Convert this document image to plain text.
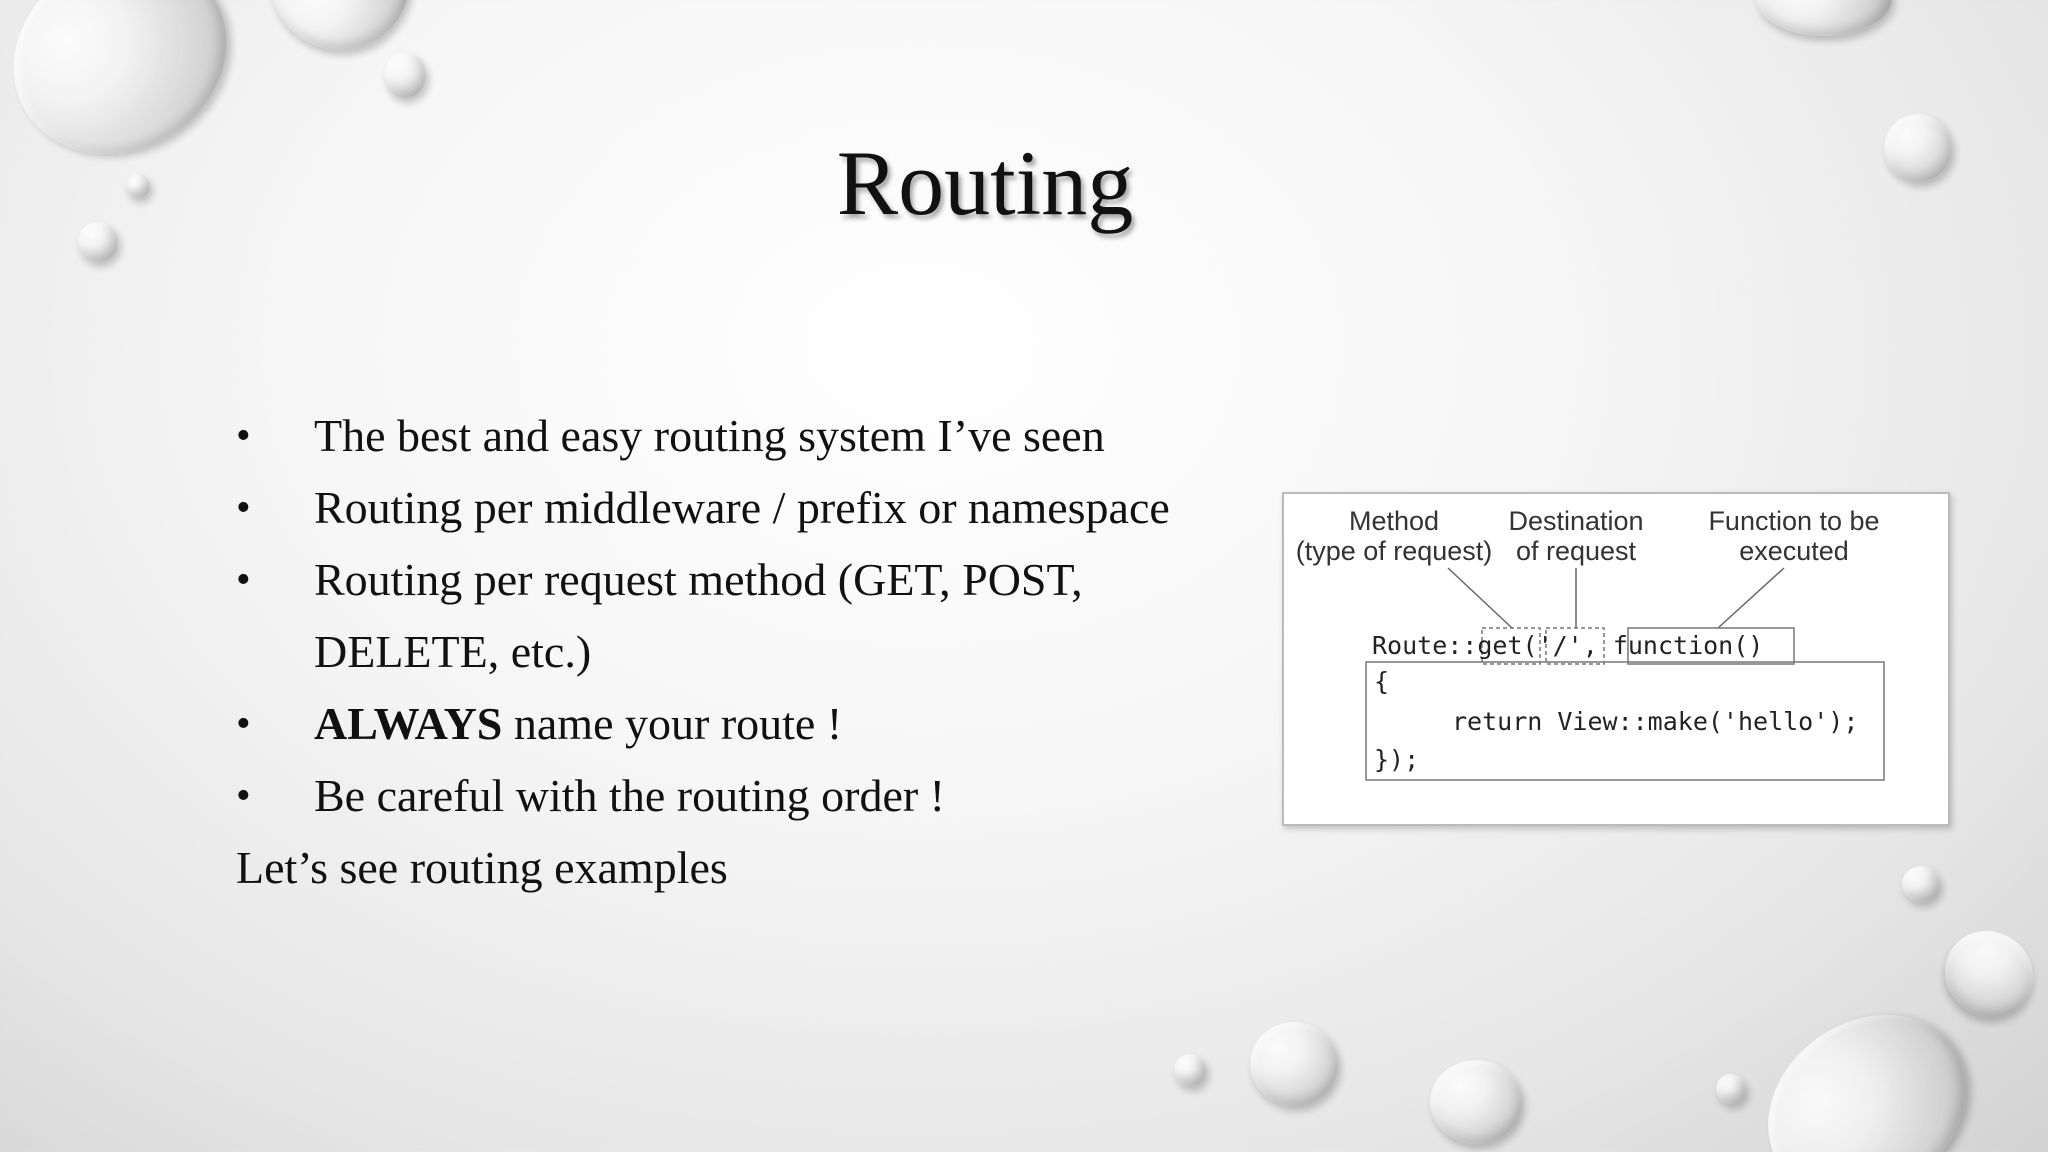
Routing
• The best and easy routing system I’ve seen
• Routing per middleware / prefix or namespace
• Routing per request method (GET, POST, DELETE, etc.)
• ALWAYS name your route !
• Be careful with the routing order !
Let’s see routing examples
Method
(type of request)
Destination
of request
Function to be
executed
Route::get('/', function()
{
return View::make('hello');
});
